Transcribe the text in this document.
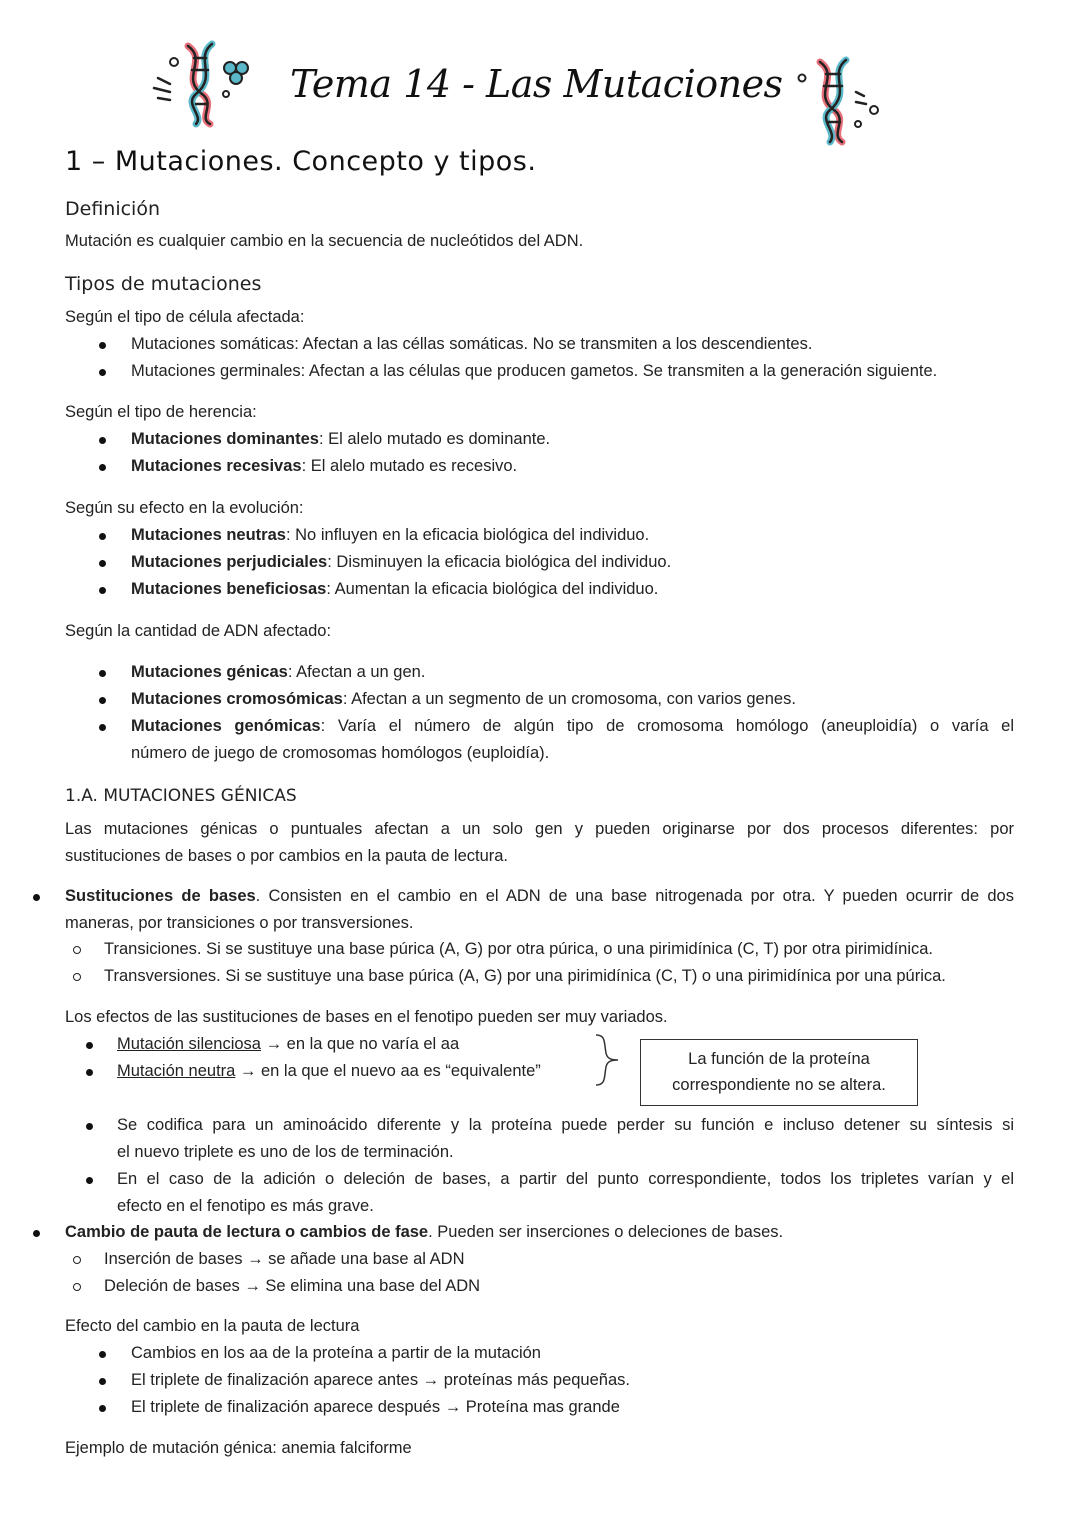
Tema 14 - Las Mutaciones
1 – Mutaciones. Concepto y tipos.
Definición
Mutación es cualquier cambio en la secuencia de nucleótidos del ADN.
Tipos de mutaciones
Según el tipo de célula afectada:
Mutaciones somáticas: Afectan a las céllas somáticas. No se transmiten a los descendientes.
Mutaciones germinales: Afectan a las células que producen gametos. Se transmiten a la generación siguiente.
Según el tipo de herencia:
Mutaciones dominantes: El alelo mutado es dominante.
Mutaciones recesivas: El alelo mutado es recesivo.
Según su efecto en la evolución:
Mutaciones neutras: No influyen en la eficacia biológica del individuo.
Mutaciones perjudiciales: Disminuyen la eficacia biológica del individuo.
Mutaciones beneficiosas: Aumentan la eficacia biológica del individuo.
Según la cantidad de ADN afectado:
Mutaciones génicas: Afectan a un gen.
Mutaciones cromosómicas: Afectan a un segmento de un cromosoma, con varios genes.
Mutaciones genómicas: Varía el número de algún tipo de cromosoma homólogo (aneuploidía) o varía el
número de juego de cromosomas homólogos (euploidía).
1.A. MUTACIONES GÉNICAS
Las mutaciones génicas o puntuales afectan a un solo gen y pueden originarse por dos procesos diferentes: por
sustituciones de bases o por cambios en la pauta de lectura.
Sustituciones de bases. Consisten en el cambio en el ADN de una base nitrogenada por otra. Y pueden ocurrir de dos
maneras, por transiciones o por transversiones.
Transiciones. Si se sustituye una base púrica (A, G) por otra púrica, o una pirimidínica (C, T) por otra pirimidínica.
Transversiones. Si se sustituye una base púrica (A, G) por una pirimidínica (C, T) o una pirimidínica por una púrica.
Los efectos de las sustituciones de bases en el fenotipo pueden ser muy variados.
Mutación silenciosa → en la que no varía el aa
Mutación neutra → en la que el nuevo aa es “equivalente”
La función de la proteína
correspondiente no se altera.
Se codifica para un aminoácido diferente y la proteína puede perder su función e incluso detener su síntesis si
el nuevo triplete es uno de los de terminación.
En el caso de la adición o deleción de bases, a partir del punto correspondiente, todos los tripletes varían y el
efecto en el fenotipo es más grave.
Cambio de pauta de lectura o cambios de fase. Pueden ser inserciones o deleciones de bases.
Inserción de bases → se añade una base al ADN
Deleción de bases → Se elimina una base del ADN
Efecto del cambio en la pauta de lectura
Cambios en los aa de la proteína a partir de la mutación
El triplete de finalización aparece antes → proteínas más pequeñas.
El triplete de finalización aparece después → Proteína mas grande
Ejemplo de mutación génica: anemia falciforme
